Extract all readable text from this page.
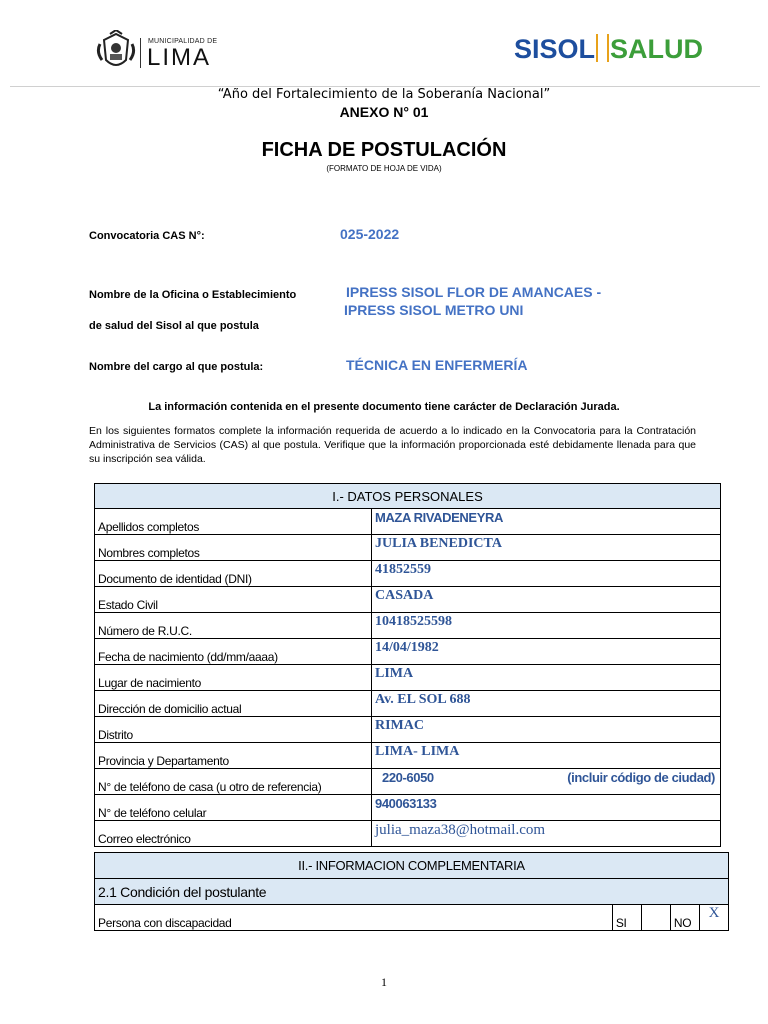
MUNICIPALIDAD DE
LIMA	SISOL SALUD
“Año del Fortalecimiento de la Soberanía Nacional”
ANEXO N° 01
FICHA DE POSTULACIÓN
(FORMATO DE HOJA DE VIDA)
Convocatoria CAS N°:	025-2022
Nombre de la Oficina o Establecimiento
de salud del Sisol al que postula
IPRESS SISOL FLOR DE AMANCAES -
IPRESS SISOL METRO UNI
Nombre del cargo al que postula:	TÉCNICA EN ENFERMERÍA
La información contenida en el presente documento tiene carácter de Declaración Jurada.
En los siguientes formatos complete la información requerida de acuerdo a lo indicado en la Convocatoria para la Contratación Administrativa de Servicios (CAS) al que postula. Verifique que la información proporcionada esté debidamente llenada para que su inscripción sea válida.
I.- DATOS PERSONALES	
Apellidos completos	MAZA RIVADENEYRA
Nombres completos	JULIA BENEDICTA
Documento de identidad (DNI)	41852559
Estado Civil	CASADA
Número de R.U.C.	10418525598
Fecha de nacimiento (dd/mm/aaaa)	14/04/1982
Lugar de nacimiento	LIMA
Dirección de domicilio actual	Av. EL SOL 688
Distrito	RIMAC
Provincia y Departamento	LIMA- LIMA
N° de teléfono de casa (u otro de referencia)	220-6050 (incluir código de ciudad)

N° de teléfono celular	940063133
Correo electrónico	julia_maza38@hotmail.com
II.- INFORMACION COMPLEMENTARIA
2.1 Condición del postulante
Persona con discapacidad	SI		NO	X
1
